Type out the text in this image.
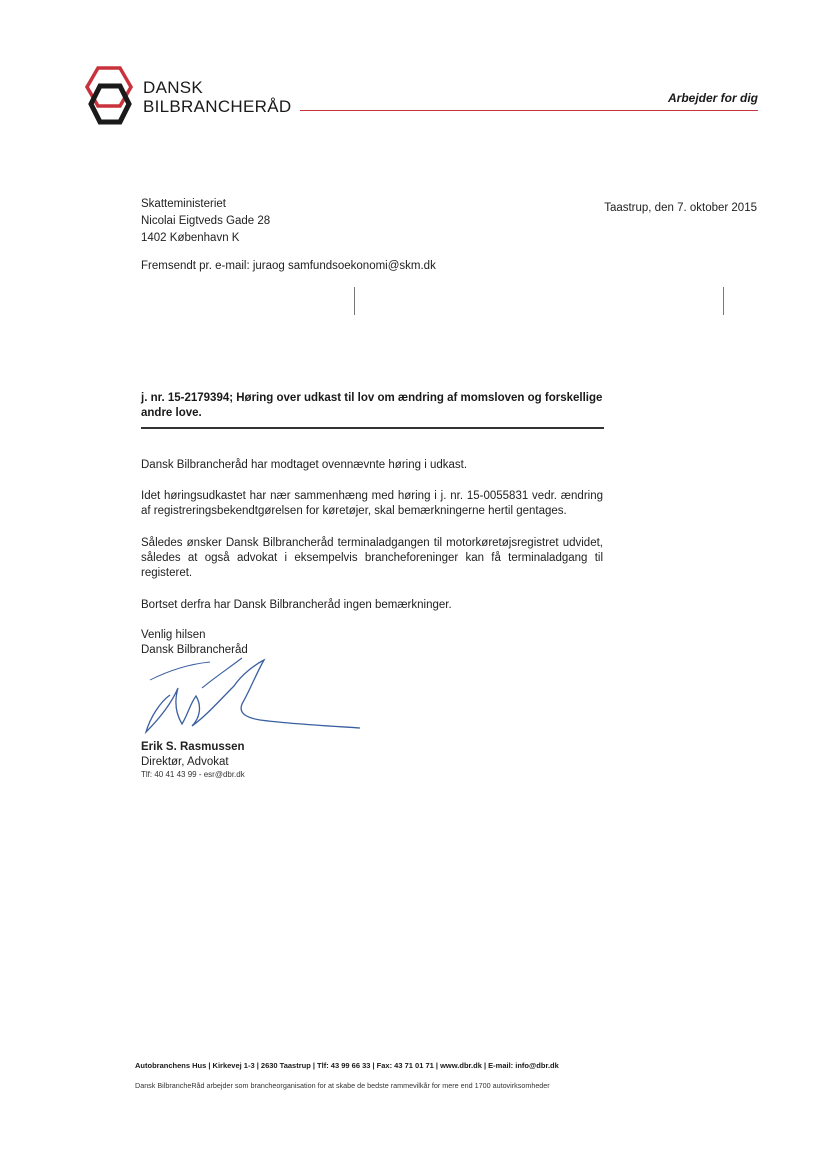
DANSK
BILBRANCHERÅD	Arbejder for dig
Skatteministeriet
Nicolai Eigtveds Gade 28
1402 København K
Taastrup, den 7. oktober 2015
Fremsendt pr. e-mail: juraog samfundsoekonomi@skm.dk
j. nr. 15-2179394; Høring over udkast til lov om ændring af momsloven og forskellige andre love.
Dansk Bilbrancheråd har modtaget ovennævnte høring i udkast.
Idet høringsudkastet har nær sammenhæng med høring i j. nr. 15-0055831 vedr. ændring af registreringsbekendtgørelsen for køretøjer, skal bemærkningerne hertil gentages.
Således ønsker Dansk Bilbrancheråd terminaladgangen til motorkøretøjsregistret udvidet, således at også advokat i eksempelvis brancheforeninger kan få terminaladgang til registeret.
Bortset derfra har Dansk Bilbrancheråd ingen bemærkninger.
Venlig hilsen
Dansk Bilbrancheråd
Erik S. Rasmussen
Direktør, Advokat
Tlf: 40 41 43 99 - esr@dbr.dk
Autobranchens Hus | Kirkevej 1-3 | 2630 Taastrup | Tlf: 43 99 66 33 | Fax: 43 71 01 71 | www.dbr.dk | E-mail: info@dbr.dk
Dansk BilbrancheRåd arbejder som brancheorganisation for at skabe de bedste rammevilkår for mere end 1700 autovirksomheder
